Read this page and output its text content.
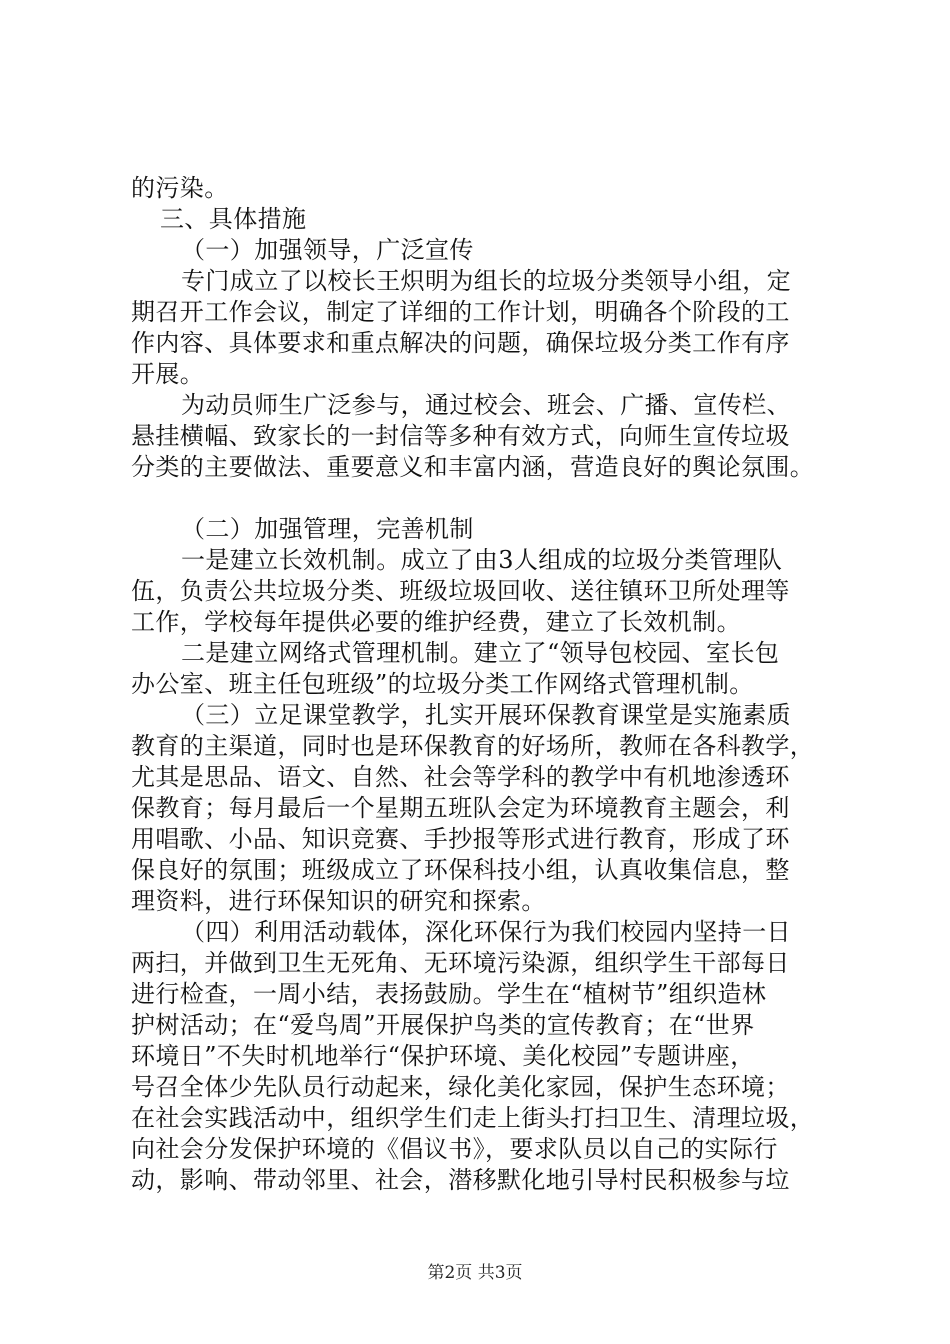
的污染。
三、具体措施
（一）加强领导，广泛宣传
专门成立了以校长王炽明为组长的垃圾分类领导小组，定
期召开工作会议，制定了详细的工作计划，明确各个阶段的工
作内容、具体要求和重点解决的问题，确保垃圾分类工作有序
开展。
为动员师生广泛参与，通过校会、班会、广播、宣传栏、
悬挂横幅、致家长的一封信等多种有效方式，向师生宣传垃圾
分类的主要做法、重要意义和丰富内涵，营造良好的舆论氛围。
（二）加强管理，完善机制
一是建立长效机制。成立了由3人组成的垃圾分类管理队
伍，负责公共垃圾分类、班级垃圾回收、送往镇环卫所处理等
工作，学校每年提供必要的维护经费，建立了长效机制。
二是建立网络式管理机制。建立了“领导包校园、室长包
办公室、班主任包班级”的垃圾分类工作网络式管理机制。
（三）立足课堂教学，扎实开展环保教育课堂是实施素质
教育的主渠道，同时也是环保教育的好场所，教师在各科教学，
尤其是思品、语文、自然、社会等学科的教学中有机地渗透环
保教育；每月最后一个星期五班队会定为环境教育主题会，利
用唱歌、小品、知识竞赛、手抄报等形式进行教育，形成了环
保良好的氛围；班级成立了环保科技小组，认真收集信息，整
理资料，进行环保知识的研究和探索。
（四）利用活动载体，深化环保行为我们校园内坚持一日
两扫，并做到卫生无死角、无环境污染源，组织学生干部每日
进行检查，一周小结，表扬鼓励。学生在“植树节”组织造林
护树活动；在“爱鸟周”开展保护鸟类的宣传教育；在“世界
环境日”不失时机地举行“保护环境、美化校园”专题讲座，
号召全体少先队员行动起来，绿化美化家园，保护生态环境；
在社会实践活动中，组织学生们走上街头打扫卫生、清理垃圾，
向社会分发保护环境的《倡议书》，要求队员以自己的实际行
动，影响、带动邻里、社会，潜移默化地引导村民积极参与垃
第2页 共3页
